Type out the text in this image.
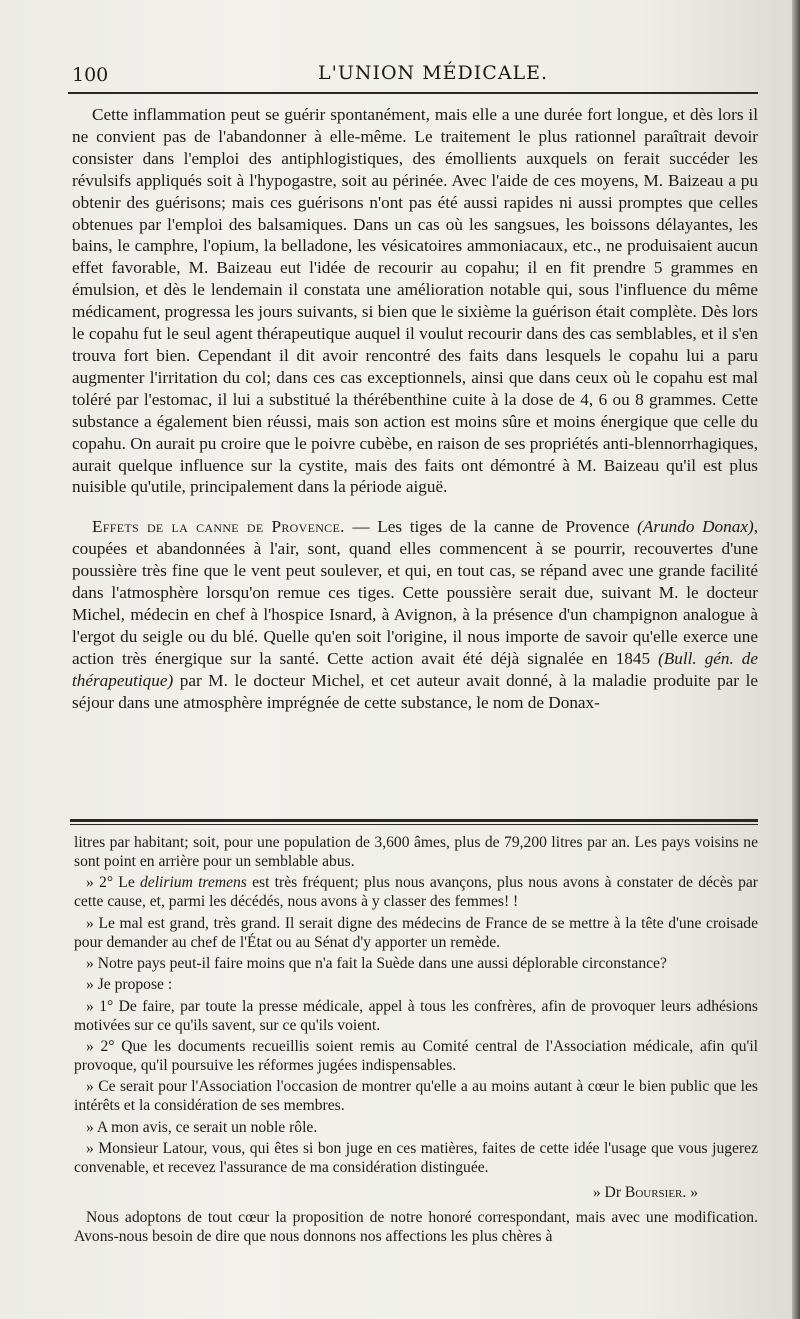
100	L'UNION MÉDICALE.

Cette inflammation peut se guérir spontanément, mais elle a une durée fort longue, et dès lors il ne convient pas de l'abandonner à elle-même. Le traitement le plus rationnel paraîtrait devoir consister dans l'emploi des antiphlogistiques, des émollients auxquels on ferait succéder les révulsifs appliqués soit à l'hypogastre, soit au périnée. Avec l'aide de ces moyens, M. Baizeau a pu obtenir des guérisons; mais ces guérisons n'ont pas été aussi rapides ni aussi promptes que celles obtenues par l'emploi des balsamiques. Dans un cas où les sangsues, les boissons délayantes, les bains, le camphre, l'opium, la belladone, les vésicatoires ammoniacaux, etc., ne produisaient aucun effet favorable, M. Baizeau eut l'idée de recourir au copahu; il en fit prendre 5 grammes en émulsion, et dès le lendemain il constata une amélioration notable qui, sous l'influence du même médicament, progressa les jours suivants, si bien que le sixième la guérison était complète. Dès lors le copahu fut le seul agent thérapeutique auquel il voulut recourir dans des cas semblables, et il s'en trouva fort bien. Cependant il dit avoir rencontré des faits dans lesquels le copahu lui a paru augmenter l'irritation du col; dans ces cas exceptionnels, ainsi que dans ceux où le copahu est mal toléré par l'estomac, il lui a substitué la thérébenthine cuite à la dose de 4, 6 ou 8 grammes. Cette substance a également bien réussi, mais son action est moins sûre et moins énergique que celle du copahu. On aurait pu croire que le poivre cubèbe, en raison de ses propriétés anti-blennorrhagiques, aurait quelque influence sur la cystite, mais des faits ont démontré à M. Baizeau qu'il est plus nuisible qu'utile, principalement dans la période aiguë.

Effets de la canne de Provence. — Les tiges de la canne de Provence (Arundo Donax), coupées et abandonnées à l'air, sont, quand elles commencent à se pourrir, recouvertes d'une poussière très fine que le vent peut soulever, et qui, en tout cas, se répand avec une grande facilité dans l'atmosphère lorsqu'on remue ces tiges. Cette poussière serait due, suivant M. le docteur Michel, médecin en chef à l'hospice Isnard, à Avignon, à la présence d'un champignon analogue à l'ergot du seigle ou du blé. Quelle qu'en soit l'origine, il nous importe de savoir qu'elle exerce une action très énergique sur la santé. Cette action avait été déjà signalée en 1845 (Bull. gén. de thérapeutique) par M. le docteur Michel, et cet auteur avait donné, à la maladie produite par le séjour dans une atmosphère imprégnée de cette substance, le nom de Donax-

litres par habitant; soit, pour une population de 3,600 âmes, plus de 79,200 litres par an. Les pays voisins ne sont point en arrière pour un semblable abus.

» 2° Le delirium tremens est très fréquent; plus nous avançons, plus nous avons à constater de décès par cette cause, et, parmi les décédés, nous avons à y classer des femmes! !

» Le mal est grand, très grand. Il serait digne des médecins de France de se mettre à la tête d'une croisade pour demander au chef de l'État ou au Sénat d'y apporter un remède.

» Notre pays peut-il faire moins que n'a fait la Suède dans une aussi déplorable circonstance?

» Je propose :

» 1° De faire, par toute la presse médicale, appel à tous les confrères, afin de provoquer leurs adhésions motivées sur ce qu'ils savent, sur ce qu'ils voient.

» 2° Que les documents recueillis soient remis au Comité central de l'Association médicale, afin qu'il provoque, qu'il poursuive les réformes jugées indispensables.

» Ce serait pour l'Association l'occasion de montrer qu'elle a au moins autant à cœur le bien public que les intérêts et la considération de ses membres.

» A mon avis, ce serait un noble rôle.

» Monsieur Latour, vous, qui êtes si bon juge en ces matières, faites de cette idée l'usage que vous jugerez convenable, et recevez l'assurance de ma considération distinguée.

» Dr Boursier. »

Nous adoptons de tout cœur la proposition de notre honoré correspondant, mais avec une modification. Avons-nous besoin de dire que nous donnons nos affections les plus chères à
